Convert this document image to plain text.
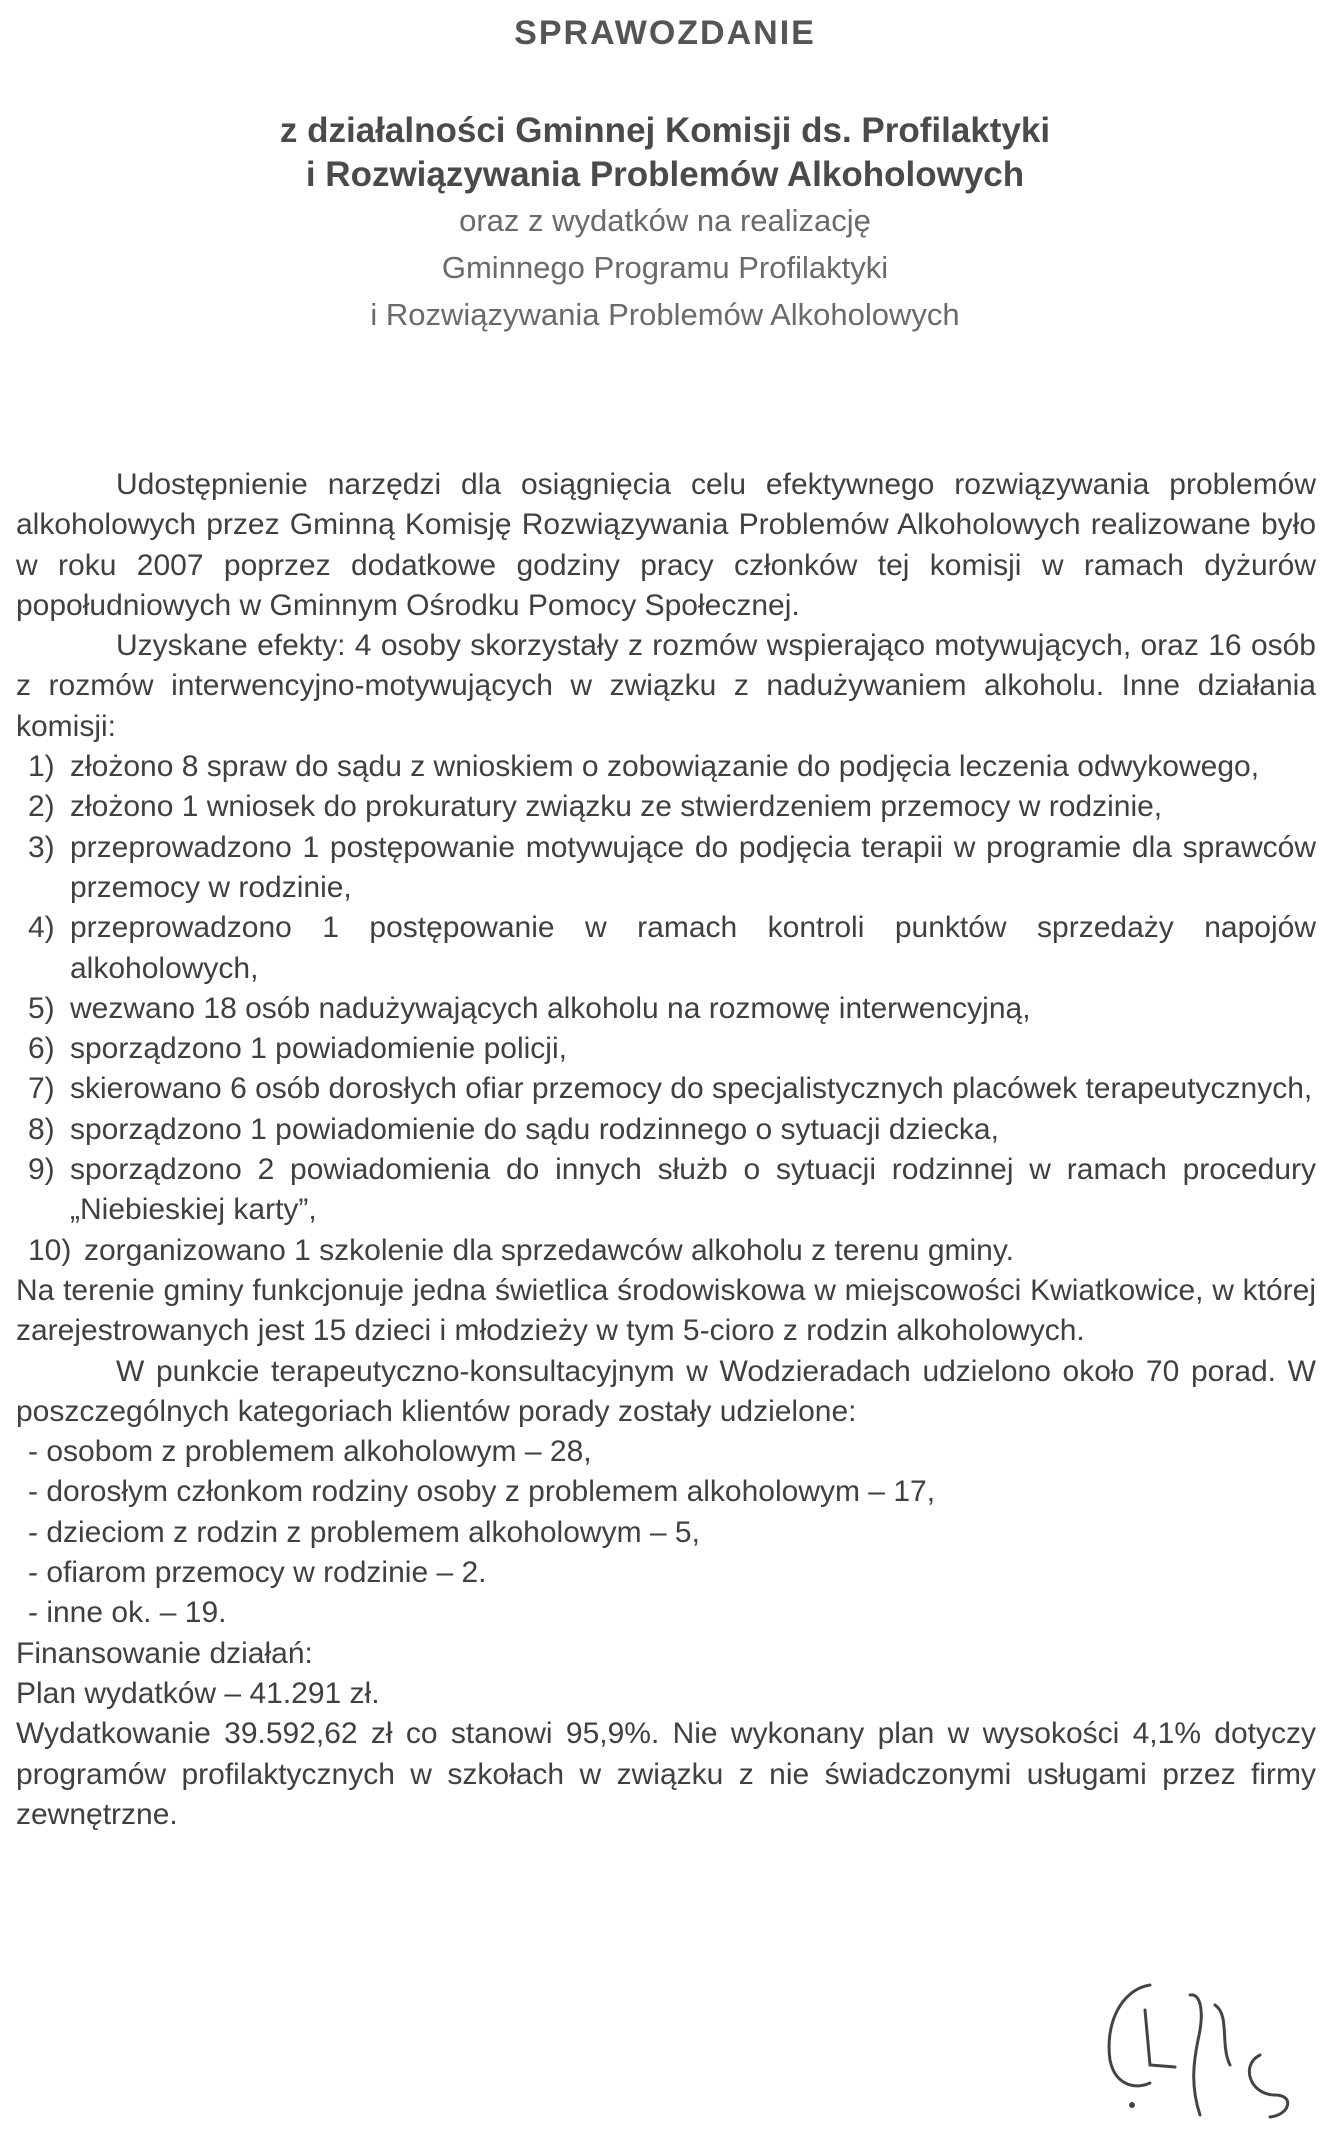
SPRAWOZDANIE

z działalności Gminnej Komisji ds. Profilaktyki

i Rozwiązywania Problemów Alkoholowych

oraz z wydatków na realizację

Gminnego Programu Profilaktyki

i Rozwiązywania Problemów Alkoholowych

Udostępnienie narzędzi dla osiągnięcia celu efektywnego rozwiązywania problemów alkoholowych przez Gminną Komisję Rozwiązywania Problemów Alkoholowych realizowane było w roku 2007 poprzez dodatkowe godziny pracy członków tej komisji w ramach dyżurów popołudniowych w Gminnym Ośrodku Pomocy Społecznej.

Uzyskane efekty: 4 osoby skorzystały z rozmów wspierająco motywujących, oraz 16 osób z rozmów interwencyjno-motywujących w związku z nadużywaniem alkoholu. Inne działania komisji:

1) złożono 8 spraw do sądu z wnioskiem o zobowiązanie do podjęcia leczenia odwykowego,
2) złożono 1 wniosek do prokuratury związku ze stwierdzeniem przemocy w rodzinie,
3) przeprowadzono 1 postępowanie motywujące do podjęcia terapii w programie dla sprawców przemocy w rodzinie,
4) przeprowadzono 1 postępowanie w ramach kontroli punktów sprzedaży napojów alkoholowych,
5) wezwano 18 osób nadużywających alkoholu na rozmowę interwencyjną,
6) sporządzono 1 powiadomienie policji,
7) skierowano 6 osób dorosłych ofiar przemocy do specjalistycznych placówek terapeutycznych,
8) sporządzono 1 powiadomienie do sądu rodzinnego o sytuacji dziecka,
9) sporządzono 2 powiadomienia do innych służb o sytuacji rodzinnej w ramach procedury „Niebieskiej karty”,
10) zorganizowano 1 szkolenie dla sprzedawców alkoholu z terenu gminy.

Na terenie gminy funkcjonuje jedna świetlica środowiskowa w miejscowości Kwiatkowice, w której zarejestrowanych jest 15 dzieci i młodzieży w tym 5-cioro z rodzin alkoholowych.

W punkcie terapeutyczno-konsultacyjnym w Wodzieradach udzielono około 70 porad. W poszczególnych kategoriach klientów porady zostały udzielone:

- osobom z problemem alkoholowym – 28,
- dorosłym członkom rodziny osoby z problemem alkoholowym – 17,
- dzieciom z rodzin z problemem alkoholowym – 5,
- ofiarom przemocy w rodzinie – 2.
- inne ok. – 19.

Finansowanie działań:

Plan wydatków – 41.291 zł.

Wydatkowanie 39.592,62 zł co stanowi 95,9%. Nie wykonany plan w wysokości 4,1% dotyczy programów profilaktycznych w szkołach w związku z nie świadczonymi usługami przez firmy zewnętrzne.
